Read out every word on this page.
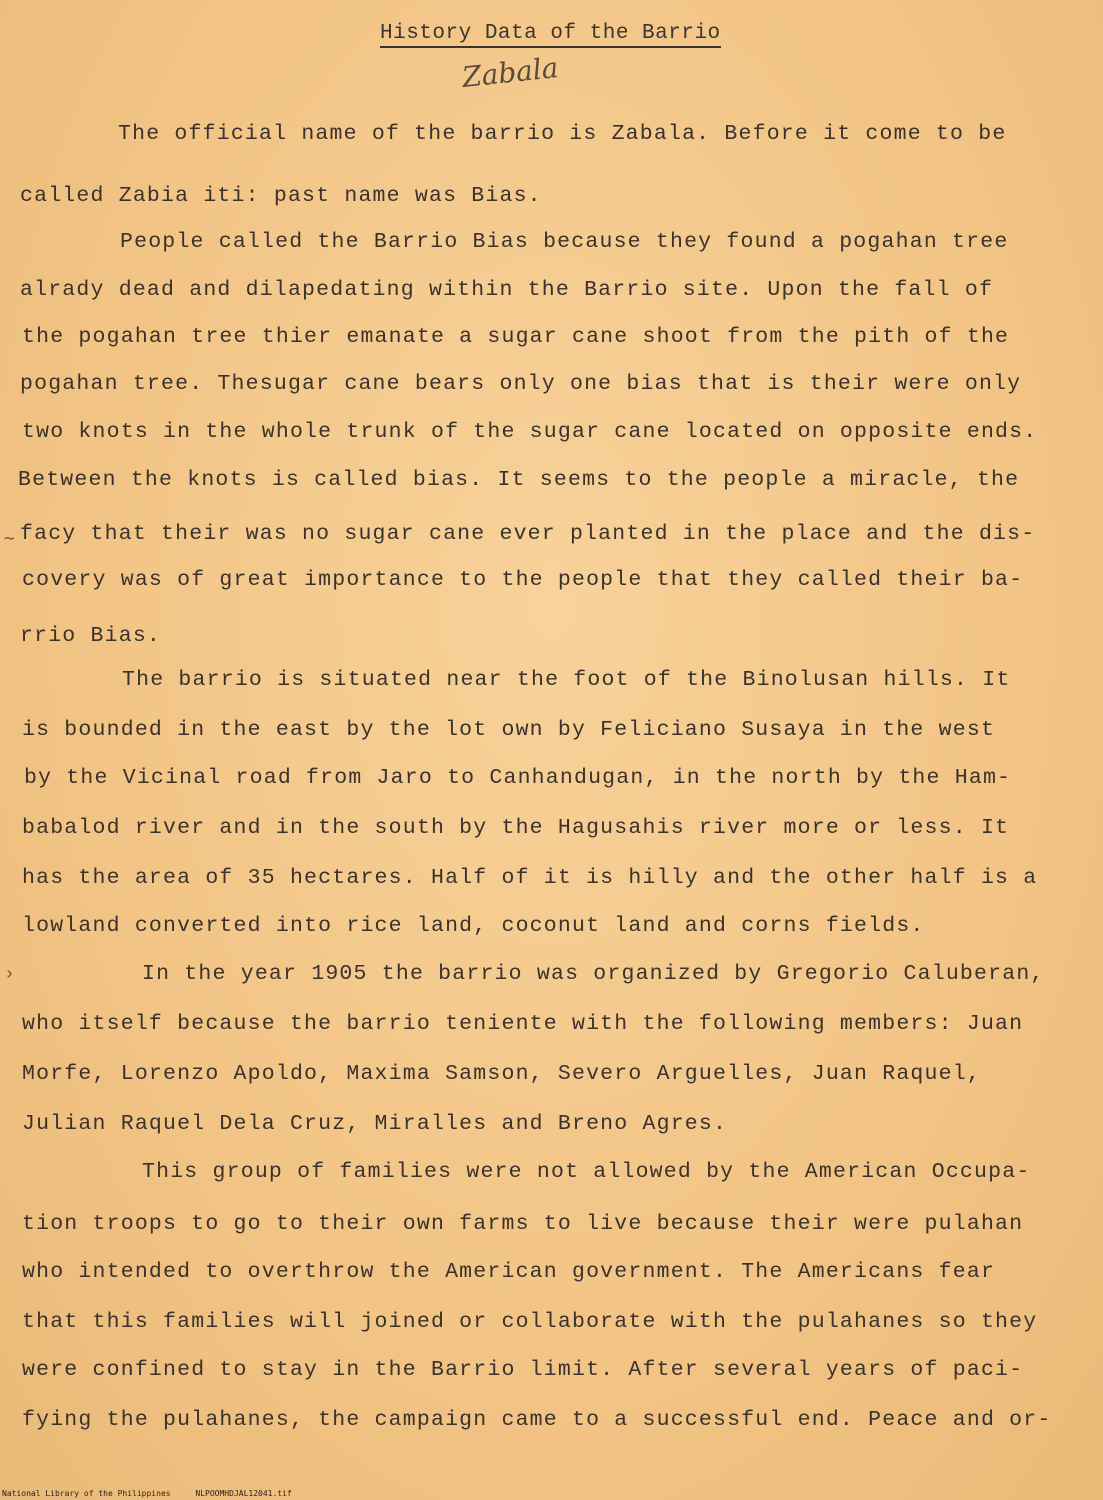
History Data of the Barrio
Zabala
The official name of the barrio is Zabala. Before it come to be
called Zabia iti: past name was Bias.
People called the Barrio Bias because they found a pogahan tree
alrady dead and dilapedating within the Barrio site. Upon the fall of
the pogahan tree thier emanate a sugar cane shoot from the pith of the
pogahan tree. Thesugar cane bears only one bias that is their were only
two knots in the whole trunk of the sugar cane located on opposite ends.
Between the knots is called bias. It seems to the people a miracle, the
facy that their was no sugar cane ever planted in the place and the dis-
covery was of great importance to the people that they called their ba-
rrio Bias.
The barrio is situated near the foot of the Binolusan hills. It
is bounded in the east by the lot own by Feliciano Susaya in the west
by the Vicinal road from Jaro to Canhandugan, in the north by the Ham-
babalod river and in the south by the Hagusahis river more or less. It
has the area of 35 hectares. Half of it is hilly and the other half is a
lowland converted into rice land, coconut land and corns fields.
In the year 1905 the barrio was organized by Gregorio Caluberan,
who itself because the barrio teniente with the following members: Juan
Morfe, Lorenzo Apoldo, Maxima Samson, Severo Arguelles, Juan Raquel,
Julian Raquel Dela Cruz, Miralles and Breno Agres.
This group of families were not allowed by the American Occupa-
tion troops to go to their own farms to live because their were pulahan
who intended to overthrow the American government. The Americans fear
that this families will joined or collaborate with the pulahanes so they
were confined to stay in the Barrio limit. After several years of paci-
fying the pulahanes, the campaign came to a successful end. Peace and or-
›
∼
National Library of the Philippines	NLPOOMHDJAL12041.tif
